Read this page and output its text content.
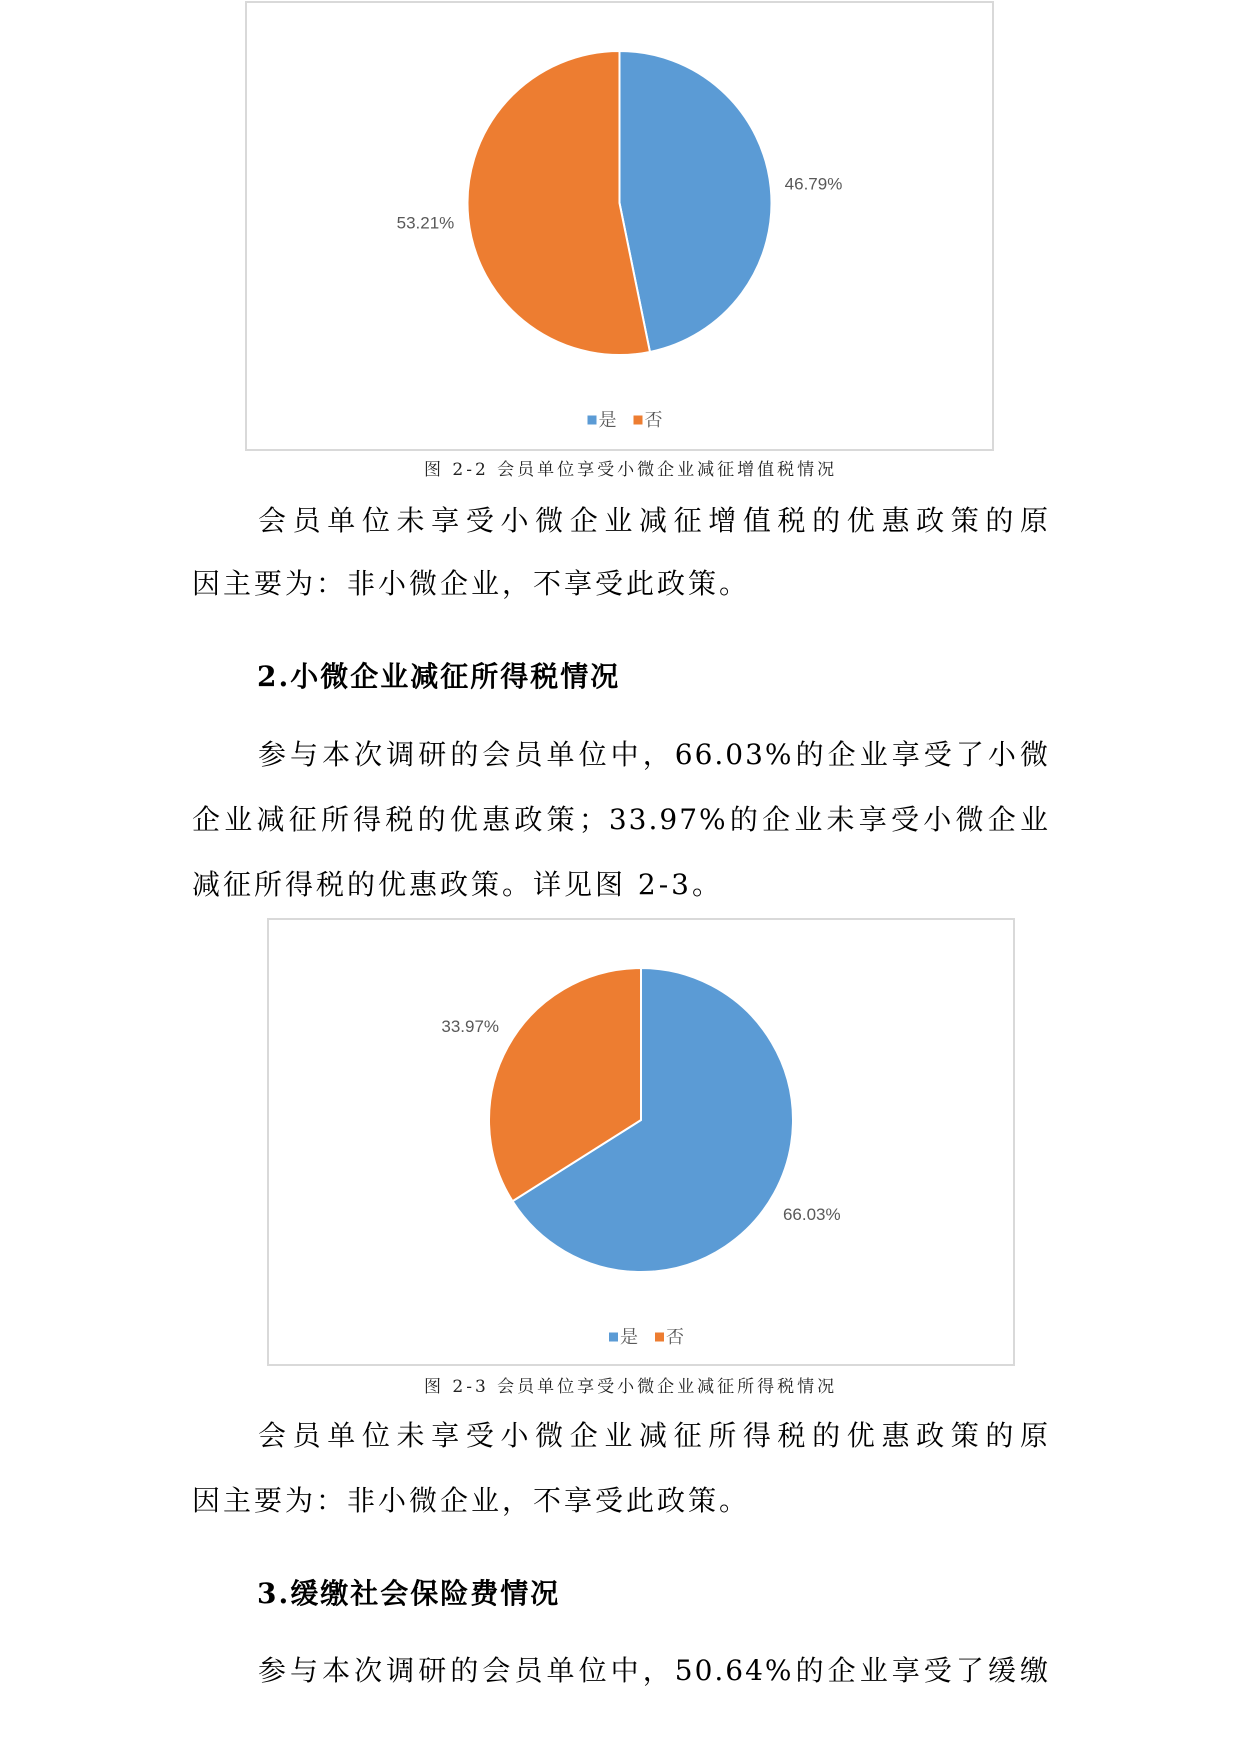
46.79%
53.21%
是 否
图 2-2 会员单位享受小微企业减征增值税情况
会员单位未享受小微企业减征增值税的优惠政策的原
因主要为：非小微企业，不享受此政策。
2.小微企业减征所得税情况
参与本次调研的会员单位中，66.03%的企业享受了小微
企业减征所得税的优惠政策；33.97%的企业未享受小微企业
减征所得税的优惠政策。详见图 2-3。
66.03%
33.97%
是 否
图 2-3 会员单位享受小微企业减征所得税情况
会员单位未享受小微企业减征所得税的优惠政策的原
因主要为：非小微企业，不享受此政策。
3.缓缴社会保险费情况
参与本次调研的会员单位中，50.64%的企业享受了缓缴
